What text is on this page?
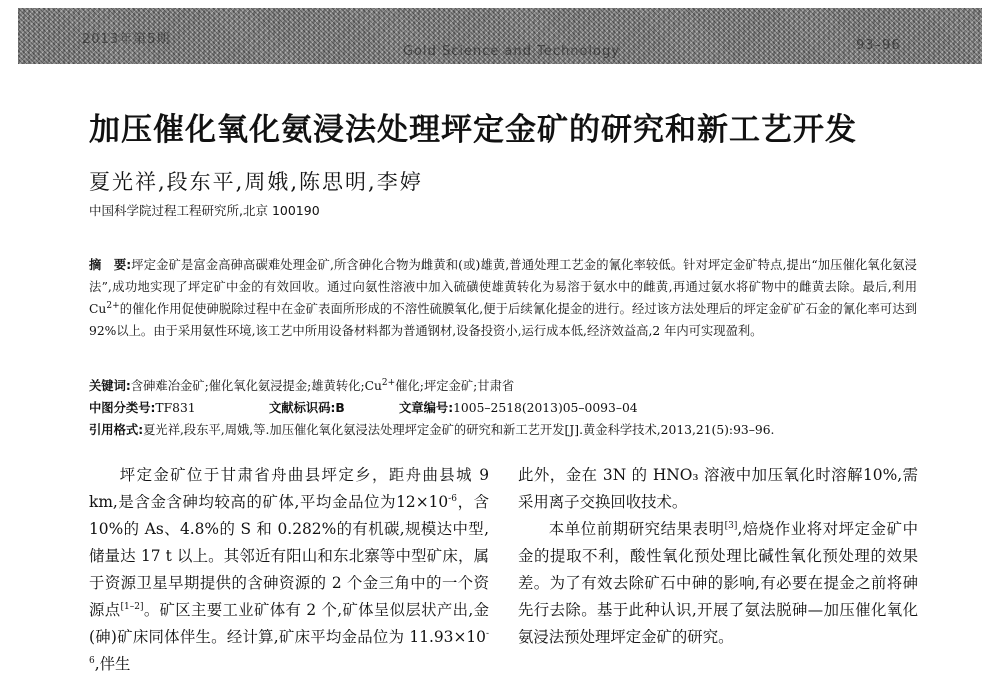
2013年第5期
Gold Science and Technology	93–96
加压催化氧化氨浸法处理坪定金矿的研究和新工艺开发
夏光祥,段东平,周娥,陈思明,李婷
中国科学院过程工程研究所,北京 100190
摘　要:坪定金矿是富金高砷高碳难处理金矿,所含砷化合物为雌黄和(或)雄黄,普通处理工艺金的氰化率较低。针对坪定金矿特点,提出“加压催化氧化氨浸法”,成功地实现了坪定矿中金的有效回收。通过向氨性溶液中加入硫磺使雄黄转化为易溶于氨水中的雌黄,再通过氨水将矿物中的雌黄去除。最后,利用 $Cu^{2+}$的催化作用促使砷脱除过程中在金矿表面所形成的不溶性硫膜氧化,便于后续氰化提金的进行。经过该方法处理后的坪定金矿矿石金的氰化率可达到 92%以上。由于采用氨性环境,该工艺中所用设备材料都为普通钢材,设备投资小,运行成本低,经济效益高,2 年内可实现盈利。
关键词:含砷难冶金矿;催化氧化氨浸提金;雄黄转化$;Cu^{2+}$催化;坪定金矿;甘肃省
中图分类号:TF831	文献标识码:B	文章编号:1005–2518(2013)05–0093–04
引用格式:夏光祥,段东平,周娥,等.加压催化氧化氨浸法处理坪定金矿的研究和新工艺开发[J].黄金科学技术,2013,21(5):93–96.

坪定金矿位于甘肃省舟曲县坪定乡，距舟曲县城 9 km,是含金含砷均较高的矿体,平均金品位为$12\times 10^{-6}$，含 10%的 As、4.8%的 S 和 0.282%的有机碳,规模达中型,储量达 17 t 以上。其邻近有阳山和东北寨等中型矿床，属于资源卫星早期提供的含砷资源的 2 个金三角中的一个资源点[1–2]。矿区主要工业矿体有 2 个,矿体呈似层状产出,金(砷)矿床同体伴生。经计算,矿床平均金品位为 $11.93\times 10^{-6}$,伴生

此外，金在 3N 的 HNO₃ 溶液中加压氧化时溶解10%,需采用离子交换回收技术。

本单位前期研究结果表明[3],焙烧作业将对坪定金矿中金的提取不利，酸性氧化预处理比碱性氧化预处理的效果差。为了有效去除矿石中砷的影响,有必要在提金之前将砷先行去除。基于此种认识,开展了氨法脱砷—加压催化氧化氨浸法预处理坪定金矿的研究。
